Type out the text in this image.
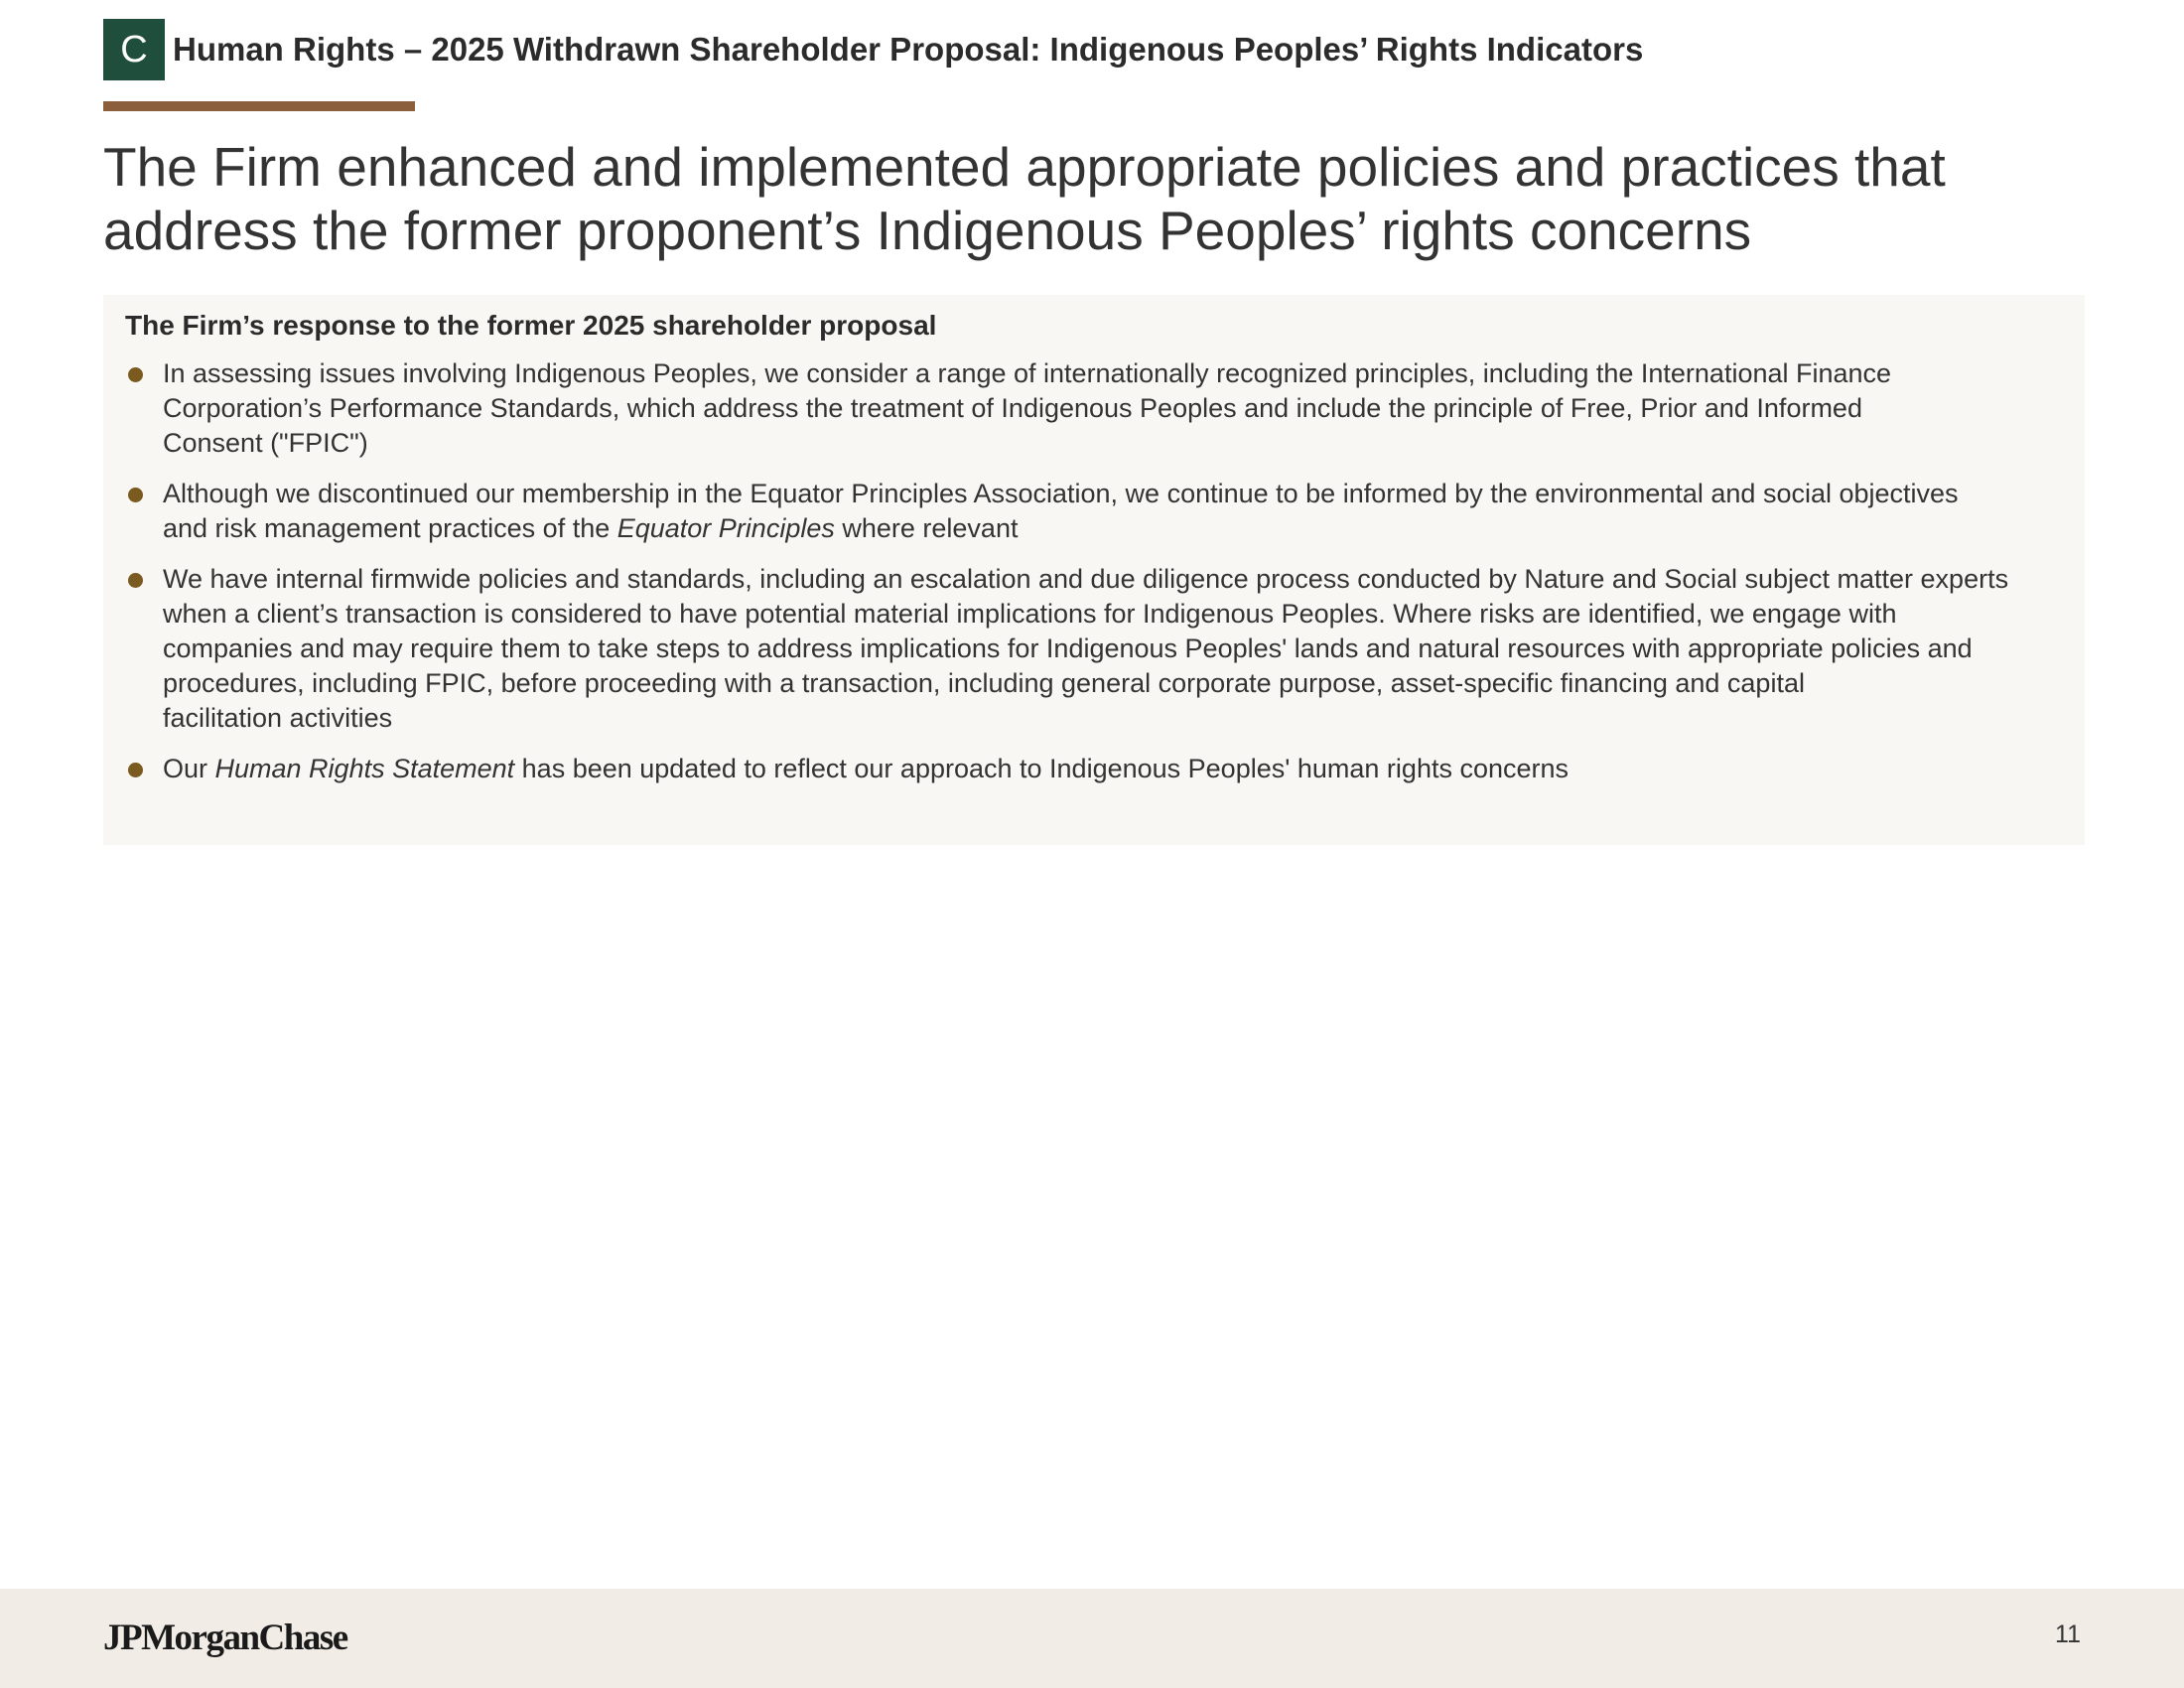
C Human Rights – 2025 Withdrawn Shareholder Proposal: Indigenous Peoples’ Rights Indicators
The Firm enhanced and implemented appropriate policies and practices that
address the former proponent’s Indigenous Peoples’ rights concerns
The Firm’s response to the former 2025 shareholder proposal
In assessing issues involving Indigenous Peoples, we consider a range of internationally recognized principles, including the International Finance
Corporation’s Performance Standards, which address the treatment of Indigenous Peoples and include the principle of Free, Prior and Informed
Consent ("FPIC")
Although we discontinued our membership in the Equator Principles Association, we continue to be informed by the environmental and social objectives
and risk management practices of the Equator Principles where relevant
We have internal firmwide policies and standards, including an escalation and due diligence process conducted by Nature and Social subject matter experts
when a client’s transaction is considered to have potential material implications for Indigenous Peoples. Where risks are identified, we engage with
companies and may require them to take steps to address implications for Indigenous Peoples' lands and natural resources with appropriate policies and
procedures, including FPIC, before proceeding with a transaction, including general corporate purpose, asset-specific financing and capital
facilitation activities
Our Human Rights Statement has been updated to reflect our approach to Indigenous Peoples' human rights concerns
JPMorganChase	11
